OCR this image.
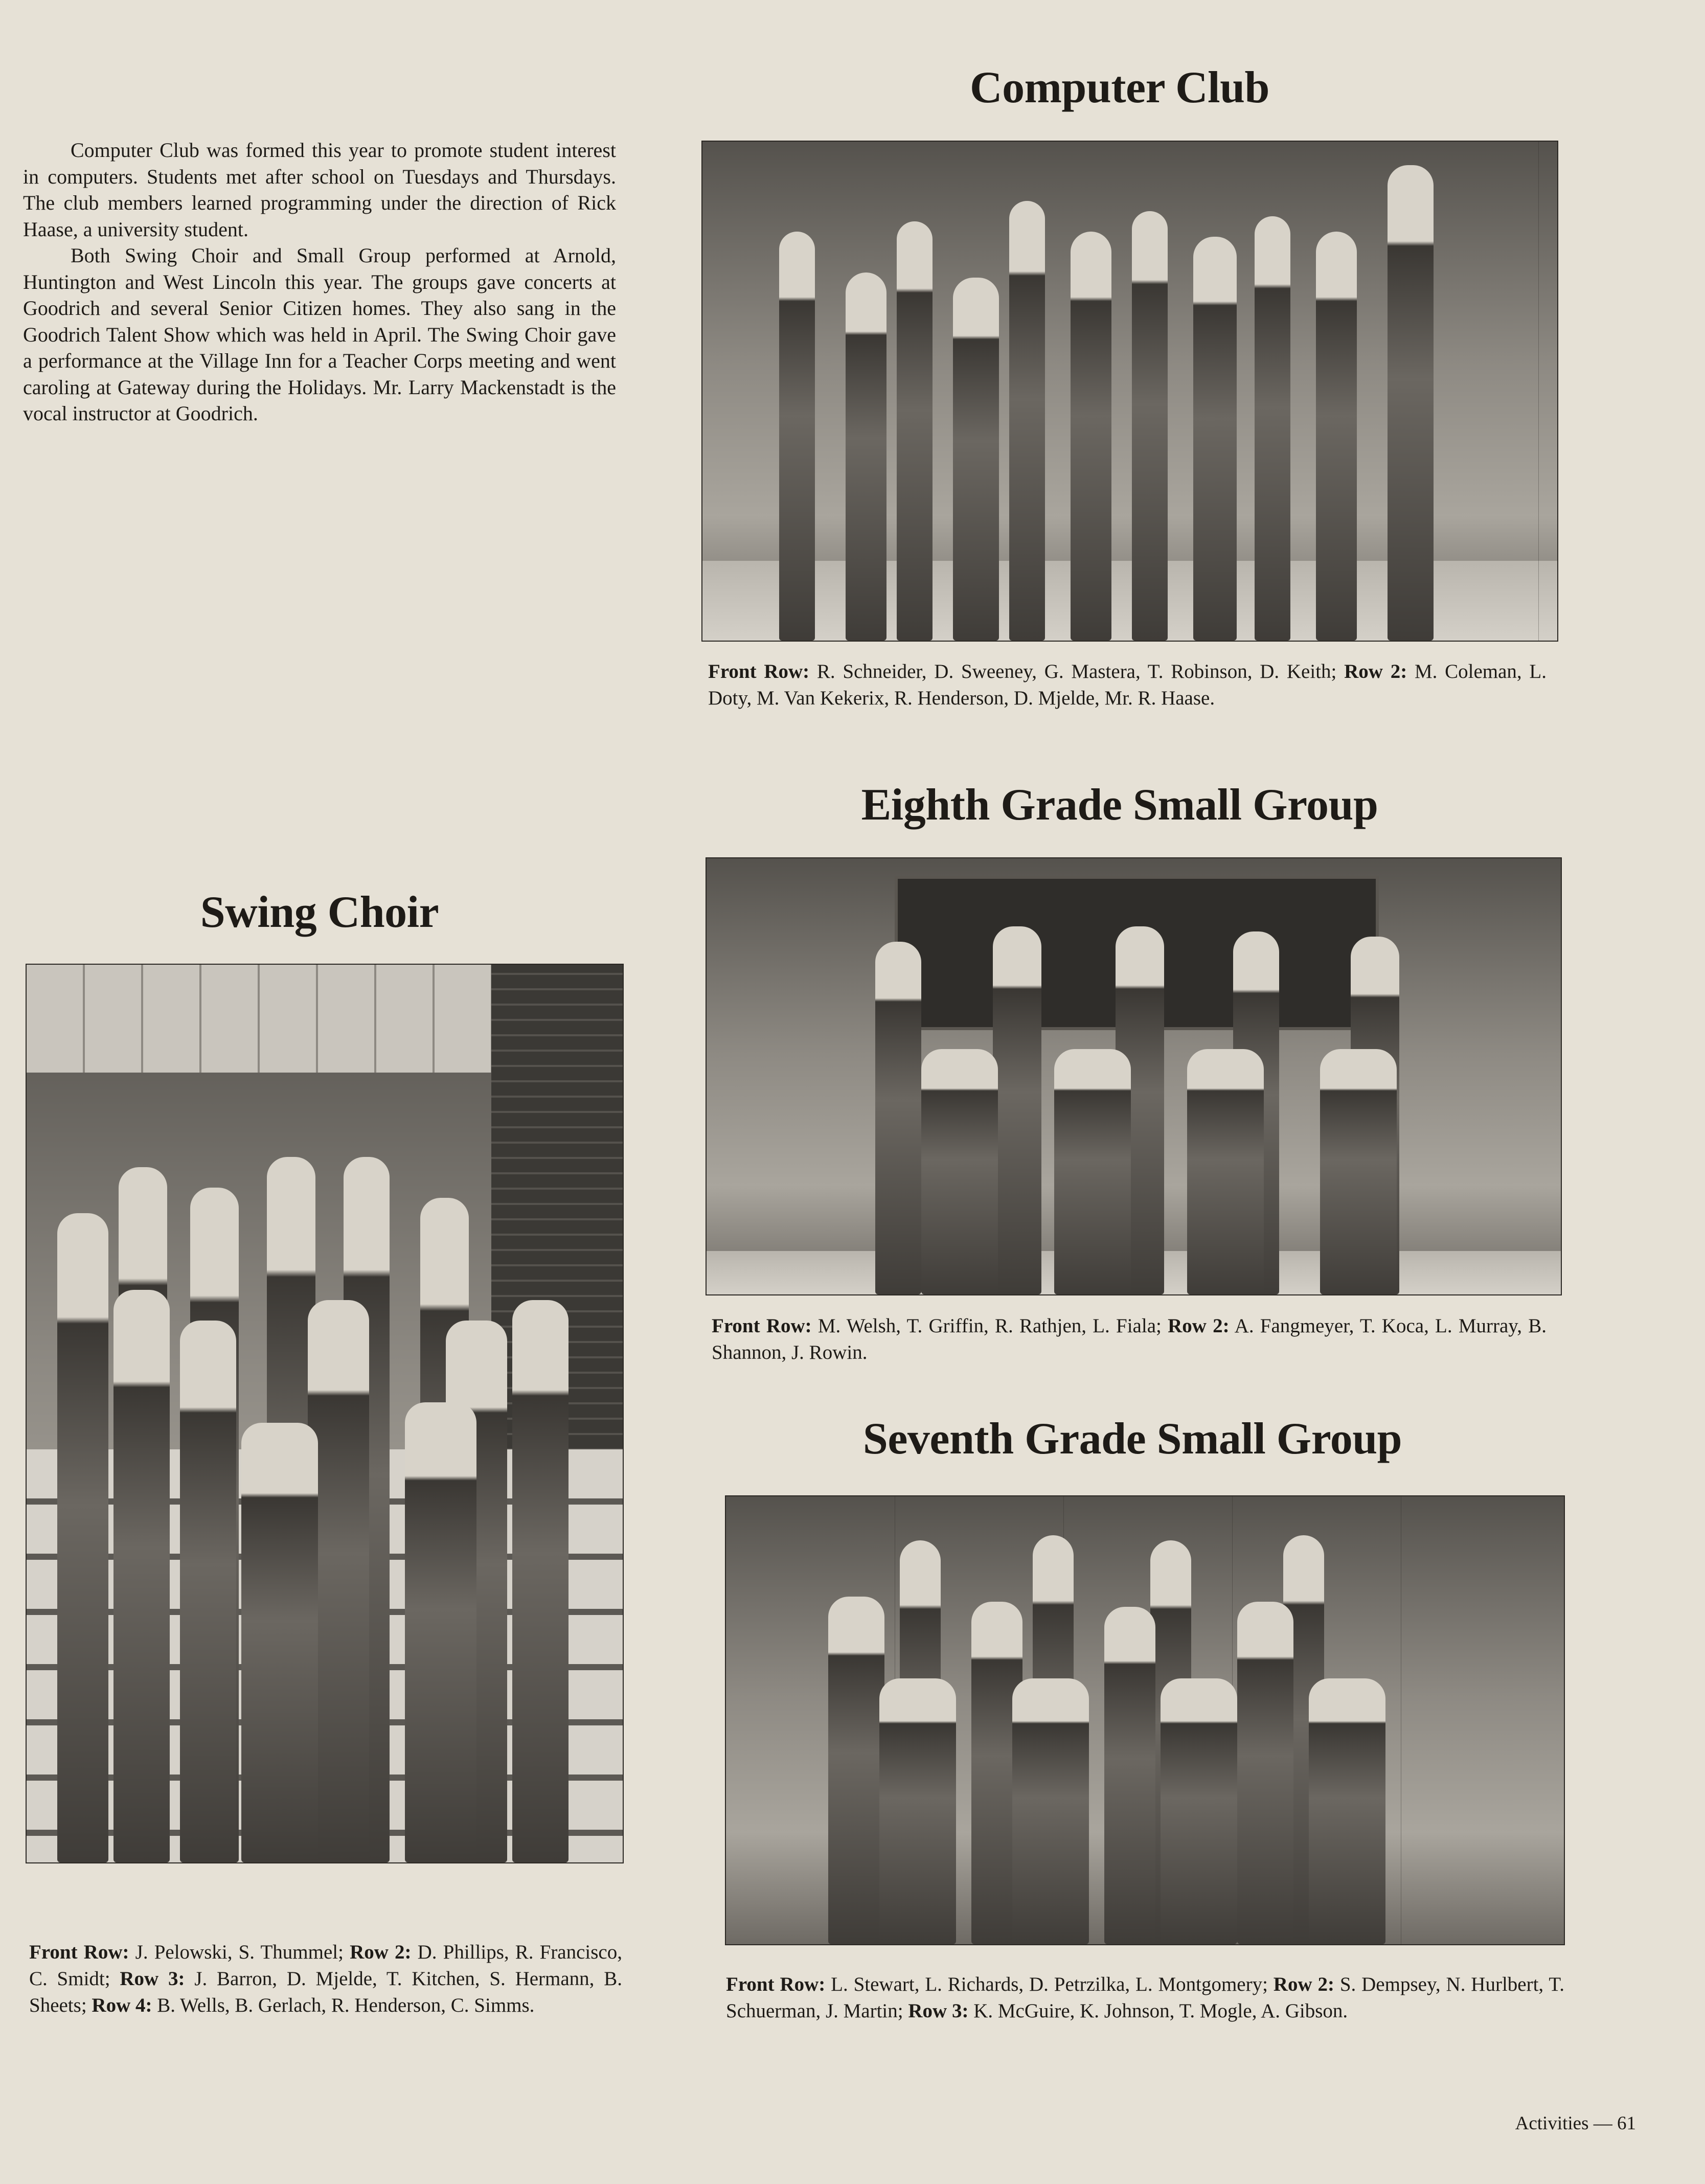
Computer Club was formed this year to promote student interest in computers. Students met after school on Tuesdays and Thursdays. The club members learned programming under the direction of Rick Haase, a university student.

Both Swing Choir and Small Group performed at Arnold, Huntington and West Lincoln this year. The groups gave concerts at Goodrich and several Senior Citizen homes. They also sang in the Goodrich Talent Show which was held in April. The Swing Choir gave a performance at the Village Inn for a Teacher Corps meeting and went caroling at Gateway during the Holidays. Mr. Larry Mackenstadt is the vocal instructor at Goodrich.

Computer Club
Front Row: R. Schneider, D. Sweeney, G. Mastera, T. Robinson, D. Keith; Row 2: M. Coleman, L. Doty, M. Van Kekerix, R. Henderson, D. Mjelde, Mr. R. Haase.
Eighth Grade Small Group
Front Row: M. Welsh, T. Griffin, R. Rathjen, L. Fiala; Row 2: A. Fangmeyer, T. Koca, L. Murray, B. Shannon, J. Rowin.
Seventh Grade Small Group
Front Row: L. Stewart, L. Richards, D. Petrzilka, L. Montgomery; Row 2: S. Dempsey, N. Hurlbert, T. Schuerman, J. Martin; Row 3: K. McGuire, K. Johnson, T. Mogle, A. Gibson.
Swing Choir
Front Row: J. Pelowski, S. Thummel; Row 2: D. Phillips, R. Francisco, C. Smidt; Row 3: J. Barron, D. Mjelde, T. Kitchen, S. Hermann, B. Sheets; Row 4: B. Wells, B. Gerlach, R. Henderson, C. Simms.
Activities — 61
